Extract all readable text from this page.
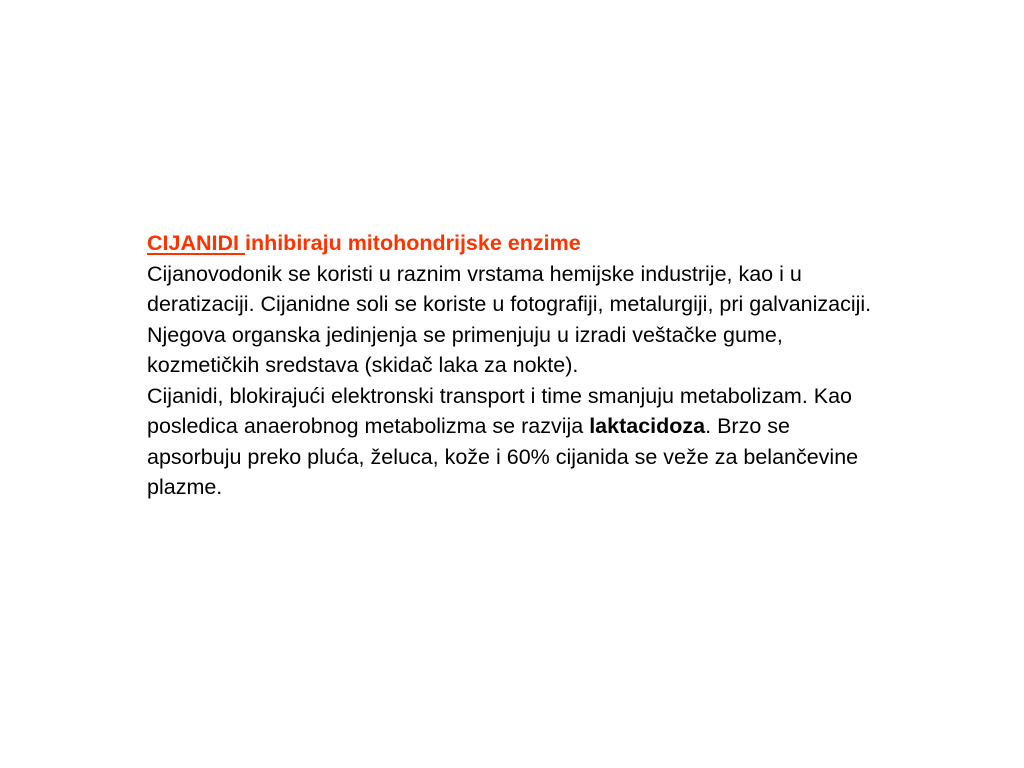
CIJANIDI inhibiraju mitohondrijske enzime

Cijanovodonik se koristi u raznim vrstama hemijske industrije, kao i u deratizaciji. Cijanidne soli se koriste u fotografiji, metalurgiji, pri galvanizaciji. Njegova organska jedinjenja se primenjuju u izradi veštačke gume, kozmetičkih sredstava (skidač laka za nokte).

Cijanidi, blokirajući elektronski transport i time smanjuju metabolizam. Kao posledica anaerobnog metabolizma se razvija laktacidoza. Brzo se apsorbuju preko pluća, želuca, kože i 60% cijanida se veže za belančevine plazme.
